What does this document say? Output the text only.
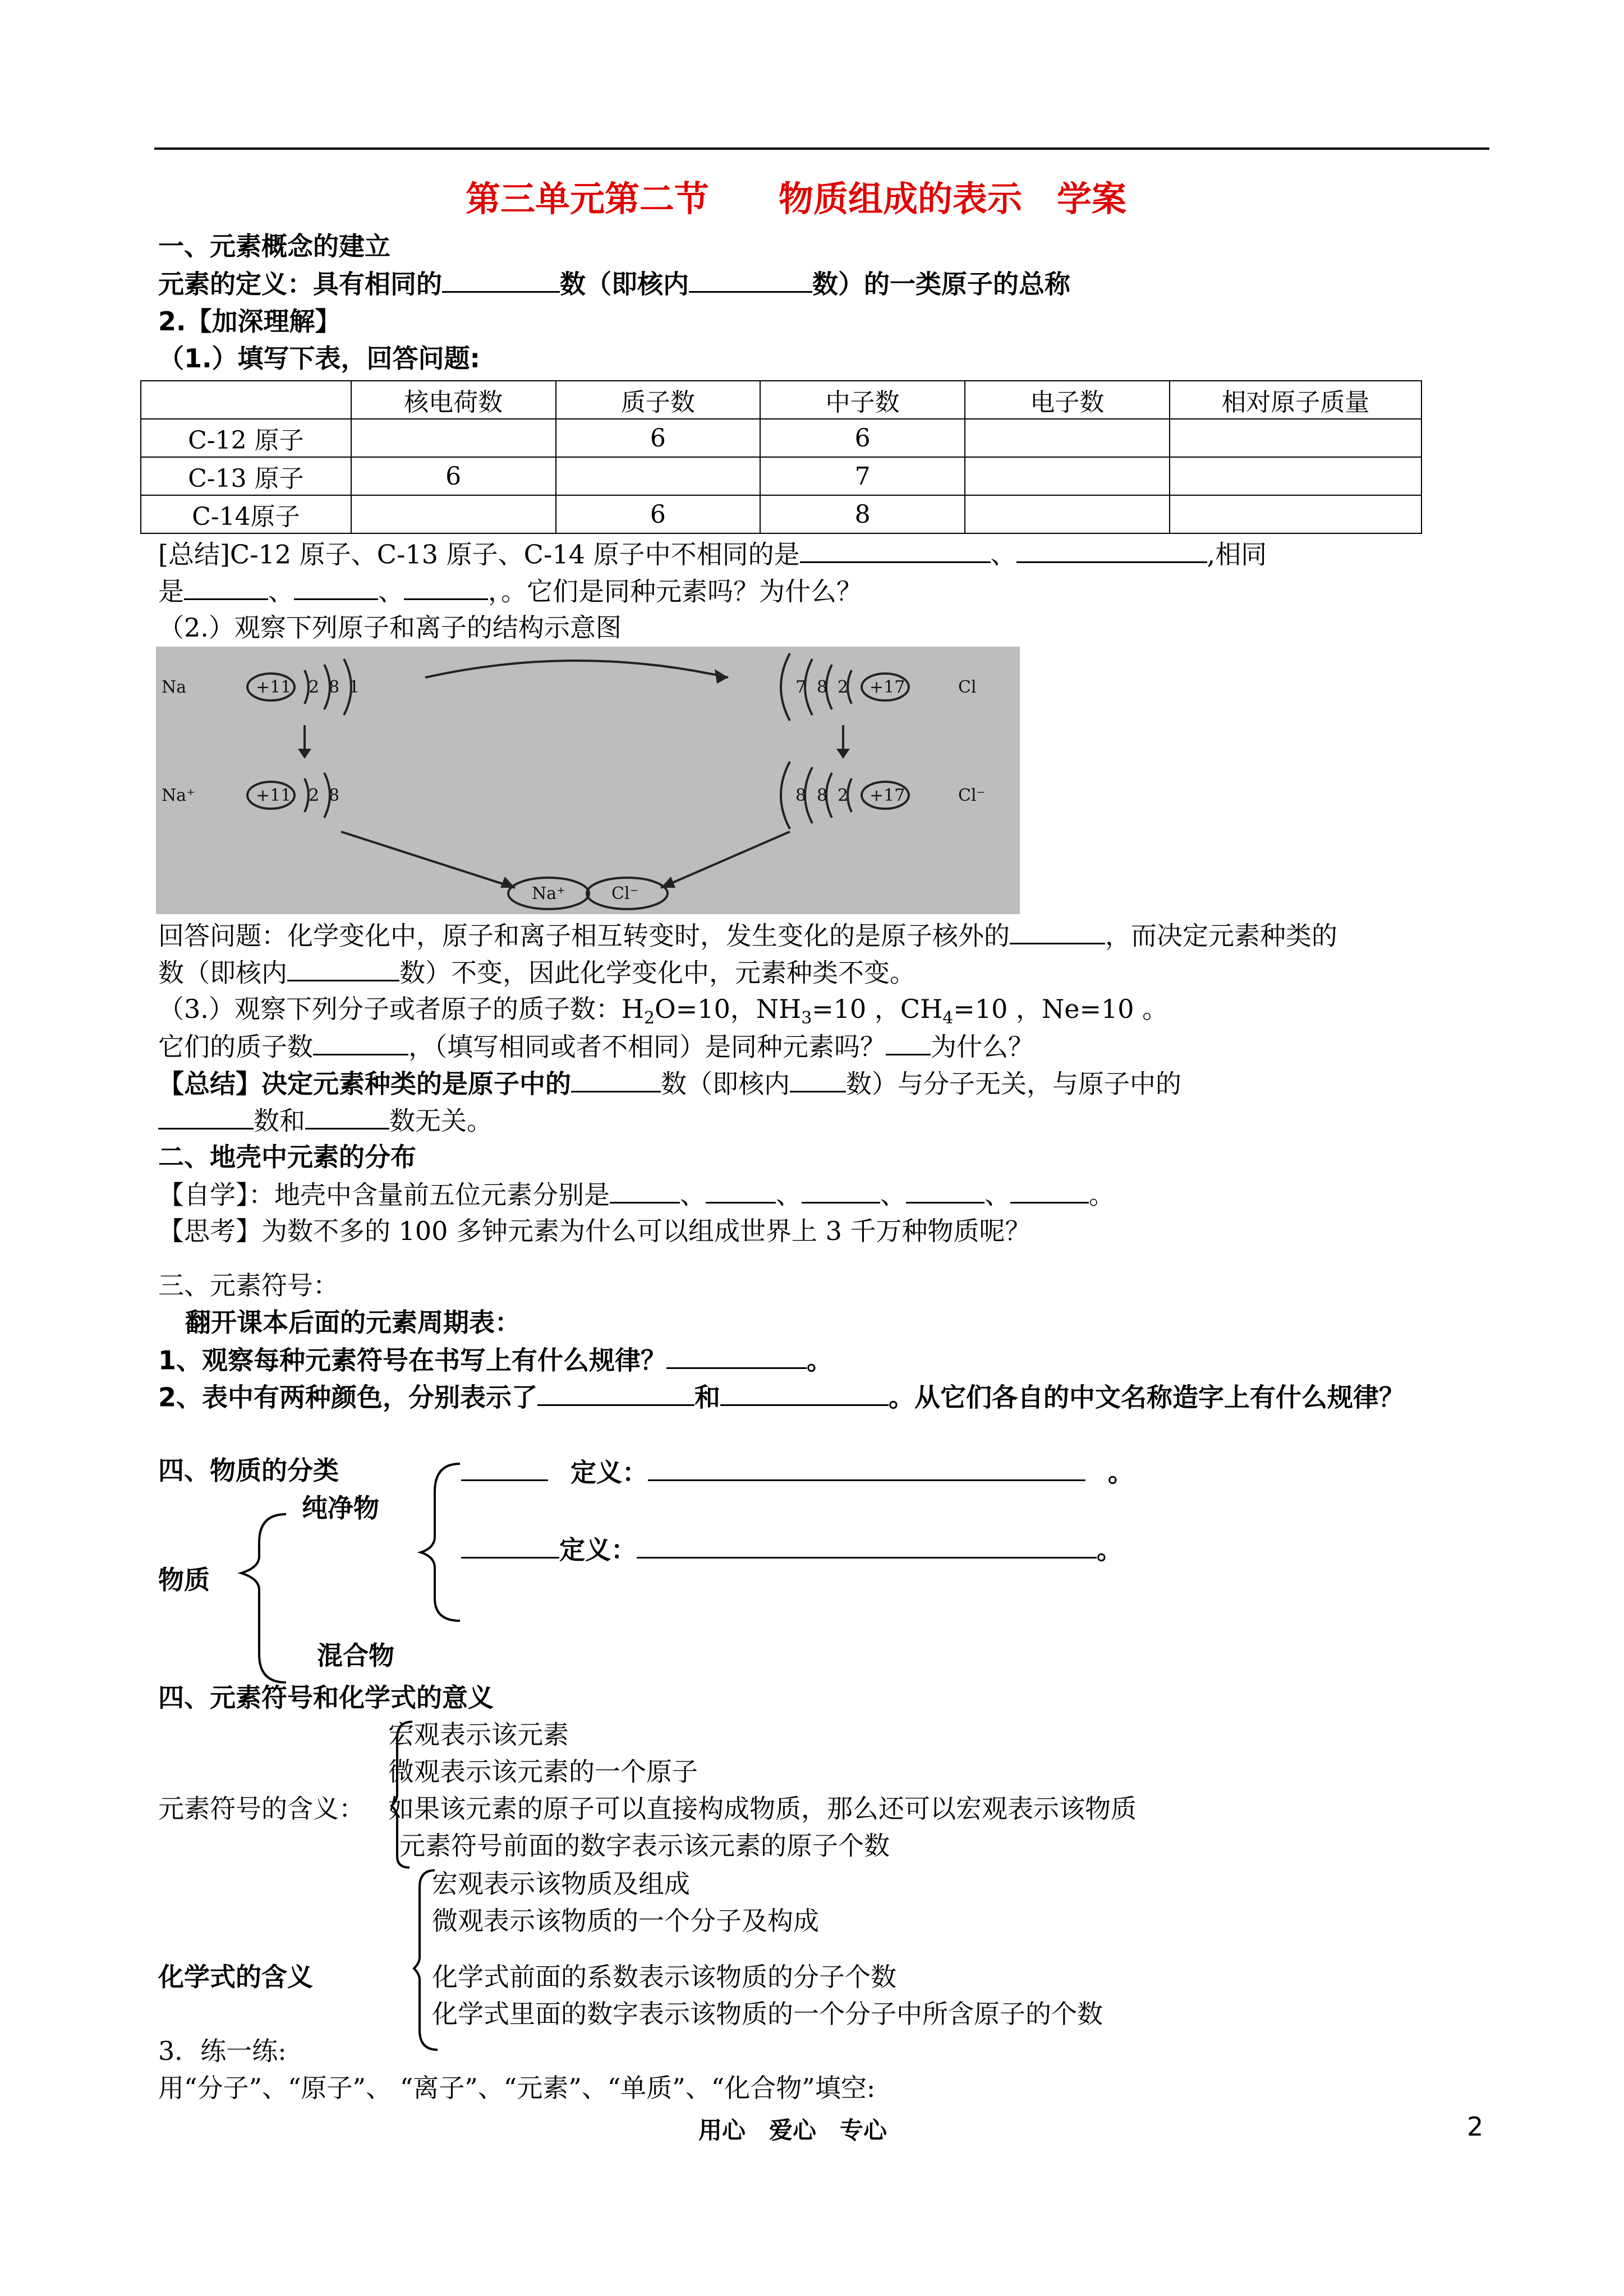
第三单元第二节　　物质组成的表示　学案
一、元素概念的建立
元素的定义：具有相同的	数（即核内	数）的一类原子的总称
2.【加深理解】
（1.）填写下表，回答问题:
	核电荷数	质子数	中子数	电子数	相对原子质量
C-12 原子		6	6		
C-13 原子	6		7		
C-14原子		6	8		
[总结]C-12 原子、C-13 原子、C-14 原子中不相同的是	、	,相同
是	、	、	，。它们是同种元素吗？为什么？
（2.）观察下列原子和离子的结构示意图
Na
Na⁺
Cl
Cl⁻
+11
+11
+17
+17
2 8 1
2 8
7 8 2
8 8 2
Na⁺	Cl⁻
回答问题：化学变化中，原子和离子相互转变时，发生变化的是原子核外的	，而决定元素种类的
数（即核内	数）不变，因此化学变化中，元素种类不变。
（3.）观察下列分子或者原子的质子数：$H_2O=10$，$NH_3=10$ ，$CH_4=10$ ，Ne=10 。
它们的质子数	，（填写相同或者不相同）是同种元素吗？ 为什么？
【总结】决定元素种类的是原子中的	数（即核内 数）与分子无关，与原子中的
数和	数无关。
二、地壳中元素的分布
【自学】：地壳中含量前五位元素分别是	、	、	、	、	。
【思考】为数不多的 100 多钟元素为什么可以组成世界上 3 千万种物质呢？
三、元素符号：
翻开课本后面的元素周期表：
1、观察每种元素符号在书写上有什么规律？	。
2、表中有两种颜色，分别表示了	和	。从它们各自的中文名称造字上有什么规律？
四、物质的分类
纯净物
物质
混合物
定义：	。
定义：	。
四、元素符号和化学式的意义
元素符号的含义：
宏观表示该元素
微观表示该元素的一个原子
如果该元素的原子可以直接构成物质，那么还可以宏观表示该物质
元素符号前面的数字表示该元素的原子个数
化学式的含义
宏观表示该物质及组成
微观表示该物质的一个分子及构成
化学式前面的系数表示该物质的分子个数
化学式里面的数字表示该物质的一个分子中所含原子的个数
3．练一练:
用“分子”、“原子”、 “离子”、“元素”、“单质”、“化合物”填空:
用心　爱心　专心	2
